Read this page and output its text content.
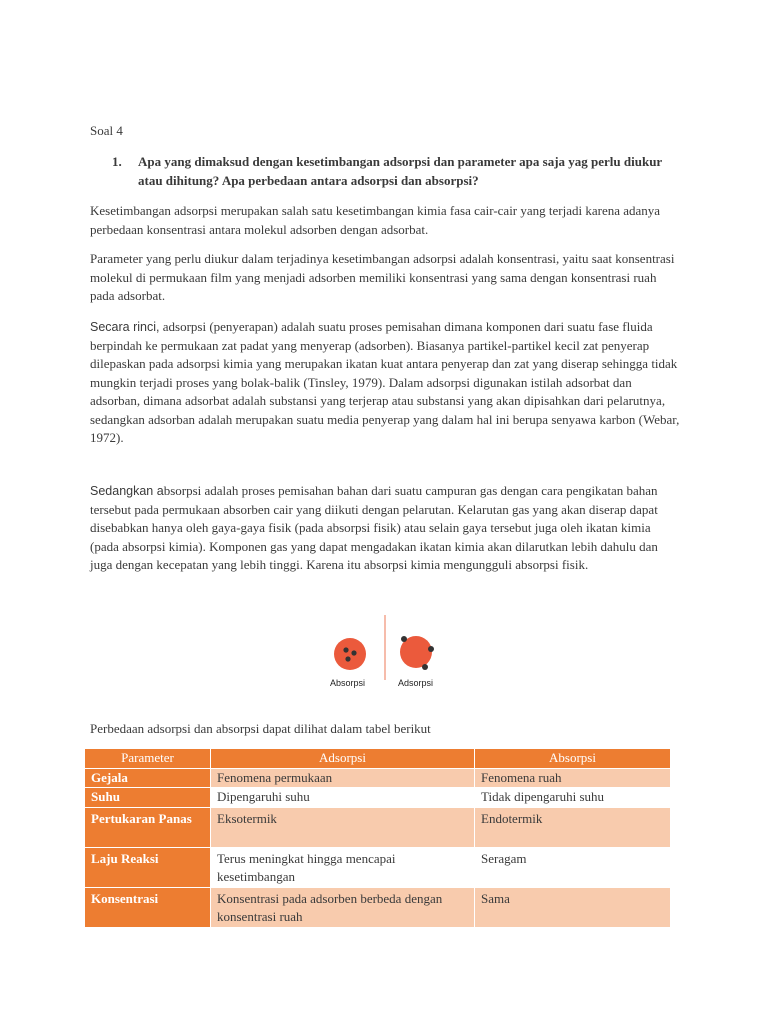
Soal 4
1. Apa yang dimaksud dengan kesetimbangan adsorpsi dan parameter apa saja yag perlu diukur atau dihitung? Apa perbedaan antara adsorpsi dan absorpsi?

Kesetimbangan adsorpsi merupakan salah satu kesetimbangan kimia fasa cair-cair yang terjadi karena adanya perbedaan konsentrasi antara molekul adsorben dengan adsorbat.

Parameter yang perlu diukur dalam terjadinya kesetimbangan adsorpsi adalah konsentrasi, yaitu saat konsentrasi molekul di permukaan film yang menjadi adsorben memiliki konsentrasi yang sama dengan konsentrasi ruah pada adsorbat.

Secara rinci, adsorpsi (penyerapan) adalah suatu proses pemisahan dimana komponen dari suatu fase fluida berpindah ke permukaan zat padat yang menyerap (adsorben). Biasanya partikel-partikel kecil zat penyerap dilepaskan pada adsorpsi kimia yang merupakan ikatan kuat antara penyerap dan zat yang diserap sehingga tidak mungkin terjadi proses yang bolak-balik (Tinsley, 1979). Dalam adsorpsi digunakan istilah adsorbat dan adsorban, dimana adsorbat adalah substansi yang terjerap atau substansi yang akan dipisahkan dari pelarutnya, sedangkan adsorban adalah merupakan suatu media penyerap yang dalam hal ini berupa senyawa karbon (Webar, 1972).

Sedangkan absorpsi adalah proses pemisahan bahan dari suatu campuran gas dengan cara pengikatan bahan tersebut pada permukaan absorben cair yang diikuti dengan pelarutan. Kelarutan gas yang akan diserap dapat disebabkan hanya oleh gaya-gaya fisik (pada absorpsi fisik) atau selain gaya tersebut juga oleh ikatan kimia (pada absorpsi kimia). Komponen gas yang dapat mengadakan ikatan kimia akan dilarutkan lebih dahulu dan juga dengan kecepatan yang lebih tinggi. Karena itu absorpsi kimia mengungguli absorpsi fisik.

Absorpsi	Adsorpsi
Perbedaan adsorpsi dan absorpsi dapat dilihat dalam tabel berikut
Parameter	Adsorpsi	Absorpsi
Gejala	Fenomena permukaan	Fenomena ruah
Suhu	Dipengaruhi suhu	Tidak dipengaruhi suhu
Pertukaran Panas	Eksotermik	Endotermik
Laju Reaksi	Terus meningkat hingga mencapai kesetimbangan	Seragam
Konsentrasi	Konsentrasi pada adsorben berbeda dengan konsentrasi ruah	Sama
